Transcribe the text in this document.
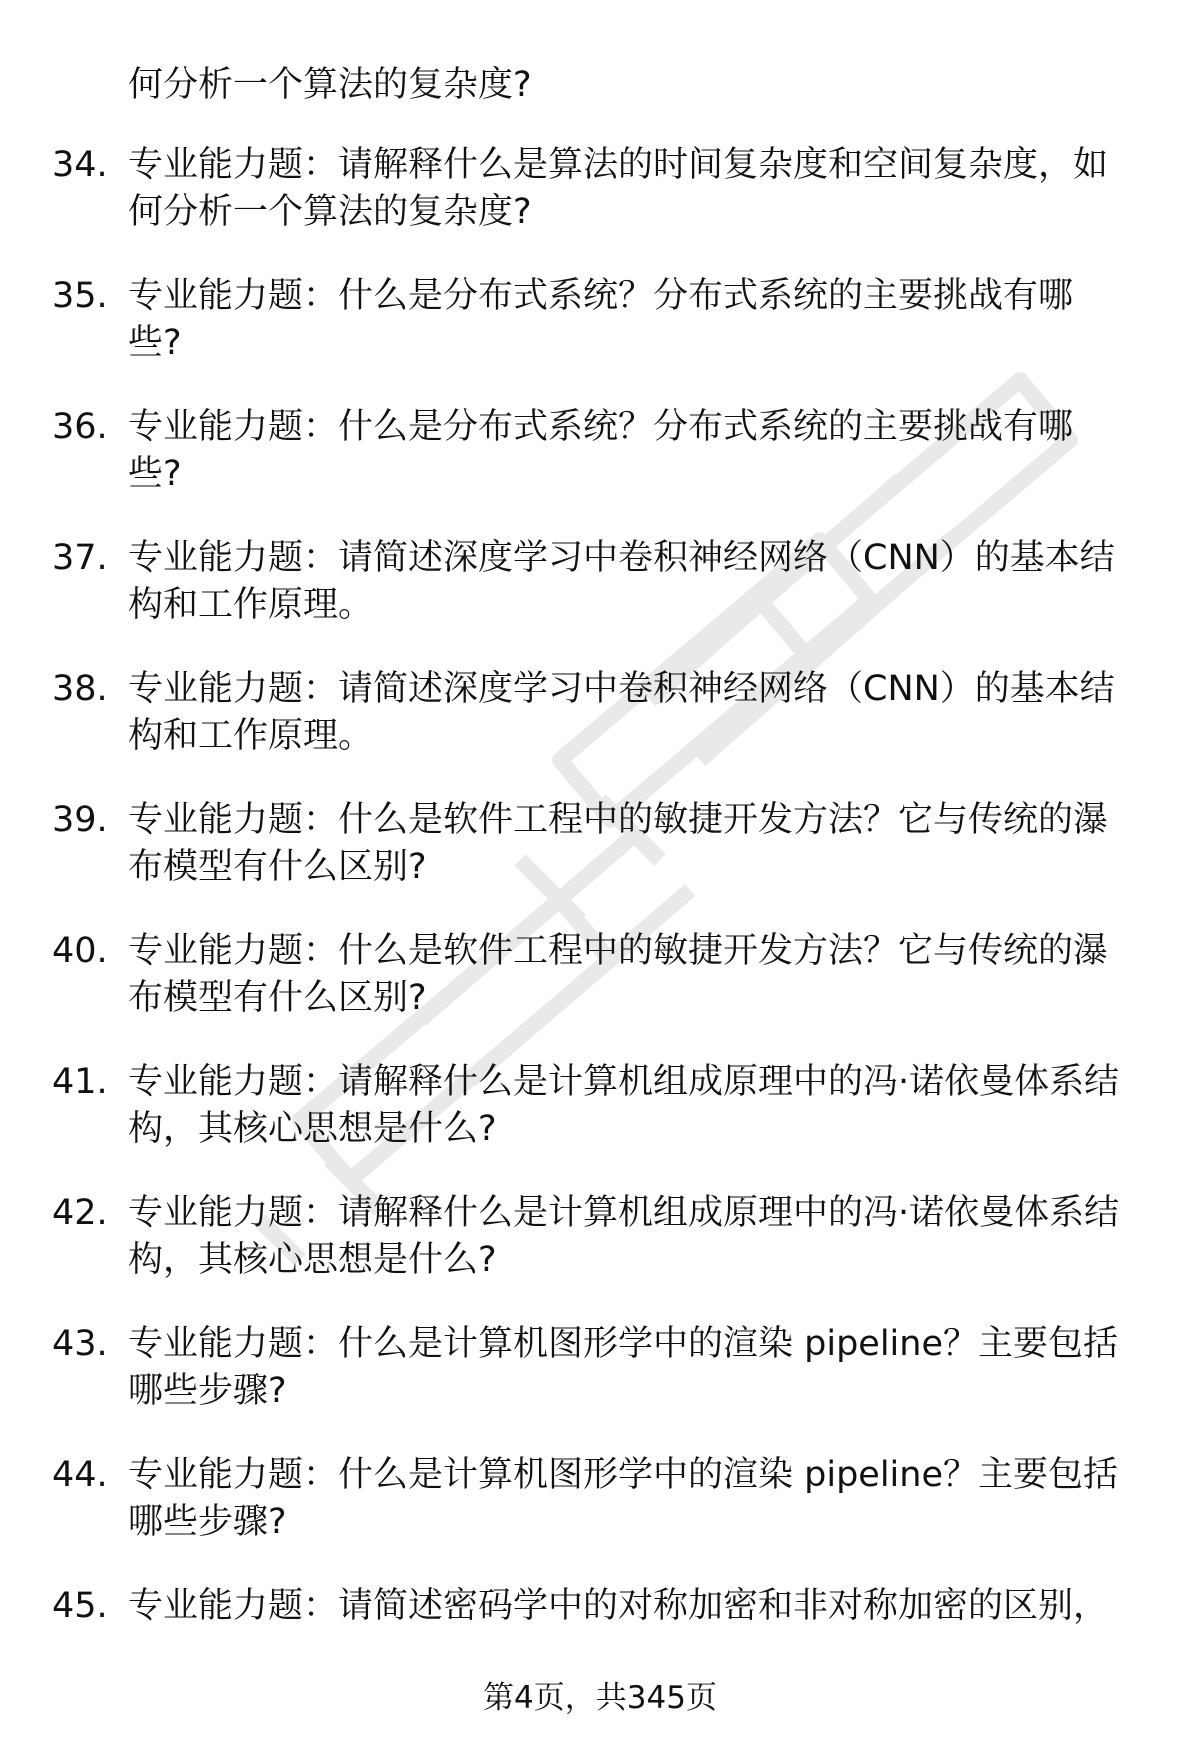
何分析一个算法的复杂度?
34. 专业能力题：请解释什么是算法的时间复杂度和空间复杂度，如
何分析一个算法的复杂度?
35. 专业能力题：什么是分布式系统？分布式系统的主要挑战有哪
些?
36. 专业能力题：什么是分布式系统？分布式系统的主要挑战有哪
些?
37. 专业能力题：请简述深度学习中卷积神经网络（CNN）的基本结
构和工作原理。
38. 专业能力题：请简述深度学习中卷积神经网络（CNN）的基本结
构和工作原理。
39. 专业能力题：什么是软件工程中的敏捷开发方法？它与传统的瀑
布模型有什么区别?
40. 专业能力题：什么是软件工程中的敏捷开发方法？它与传统的瀑
布模型有什么区别?
41. 专业能力题：请解释什么是计算机组成原理中的冯·诺依曼体系结
构，其核心思想是什么?
42. 专业能力题：请解释什么是计算机组成原理中的冯·诺依曼体系结
构，其核心思想是什么?
43. 专业能力题：什么是计算机图形学中的渲染 pipeline？主要包括
哪些步骤?
44. 专业能力题：什么是计算机图形学中的渲染 pipeline？主要包括
哪些步骤?
45. 专业能力题：请简述密码学中的对称加密和非对称加密的区别，
第4页，共345页
